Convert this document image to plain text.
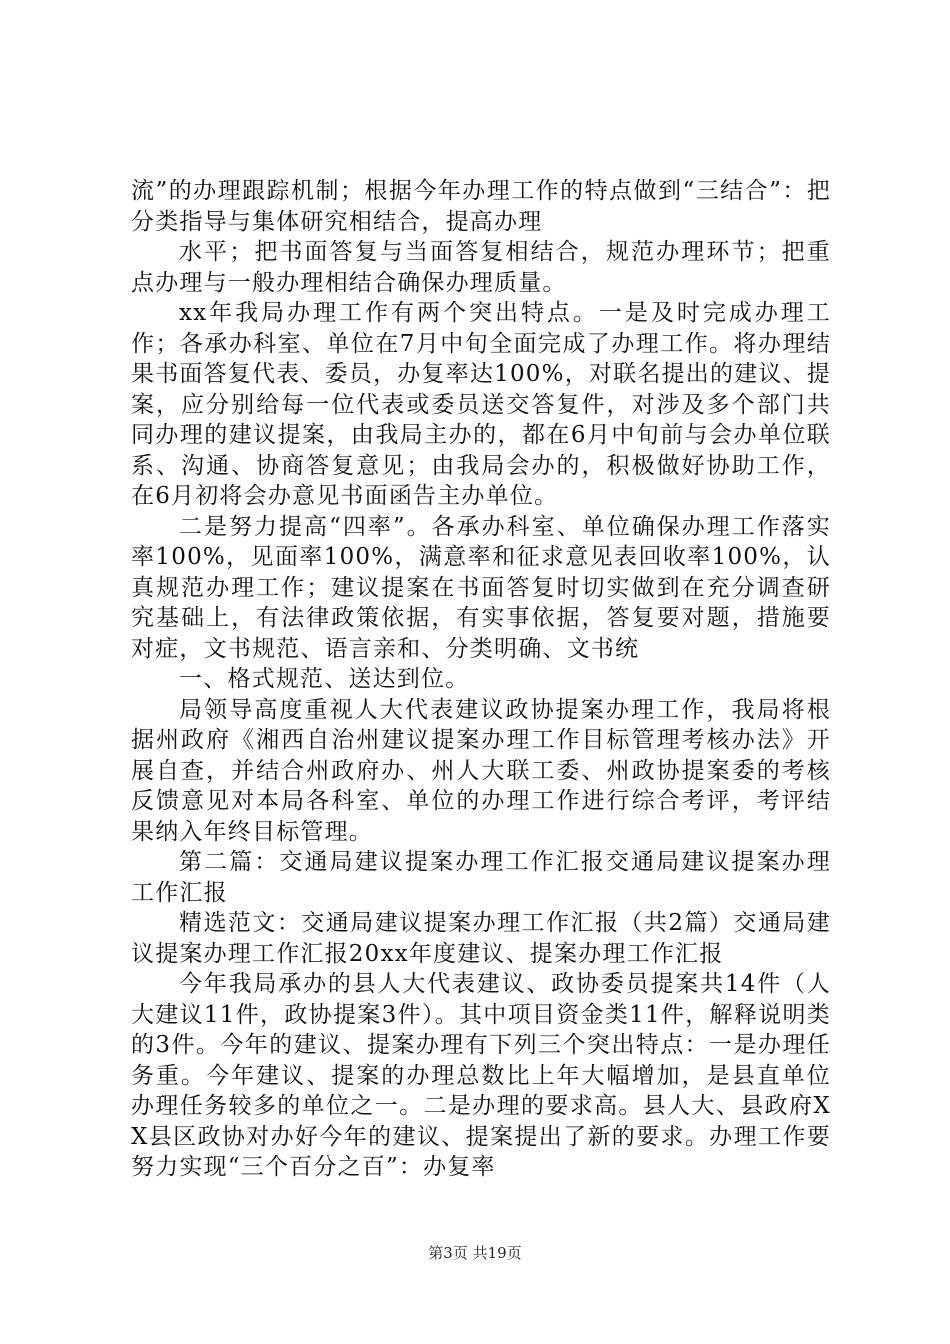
流”的办理跟踪机制；根据今年办理工作的特点做到“三结合”：把分类指导与集体研究相结合，提高办理

水平；把书面答复与当面答复相结合，规范办理环节；把重点办理与一般办理相结合确保办理质量。

xx年我局办理工作有两个突出特点。一是及时完成办理工作；各承办科室、单位在7月中旬全面完成了办理工作。将办理结果书面答复代表、委员，办复率达100%，对联名提出的建议、提案，应分别给每一位代表或委员送交答复件，对涉及多个部门共同办理的建议提案，由我局主办的，都在6月中旬前与会办单位联系、沟通、协商答复意见；由我局会办的，积极做好协助工作，在6月初将会办意见书面函告主办单位。

二是努力提高“四率”。各承办科室、单位确保办理工作落实率100%，见面率100%，满意率和征求意见表回收率100%，认真规范办理工作；建议提案在书面答复时切实做到在充分调查研究基础上，有法律政策依据，有实事依据，答复要对题，措施要对症，文书规范、语言亲和、分类明确、文书统

一、格式规范、送达到位。

局领导高度重视人大代表建议政协提案办理工作，我局将根据州政府《湘西自治州建议提案办理工作目标管理考核办法》开展自查，并结合州政府办、州人大联工委、州政协提案委的考核反馈意见对本局各科室、单位的办理工作进行综合考评，考评结果纳入年终目标管理。

第二篇：交通局建议提案办理工作汇报交通局建议提案办理工作汇报

精选范文：交通局建议提案办理工作汇报（共2篇）交通局建议提案办理工作汇报20xx年度建议、提案办理工作汇报

今年我局承办的县人大代表建议、政协委员提案共14件（人大建议11件，政协提案3件）。其中项目资金类11件，解释说明类的3件。今年的建议、提案办理有下列三个突出特点：一是办理任务重。今年建议、提案的办理总数比上年大幅增加，是县直单位办理任务较多的单位之一。二是办理的要求高。县人大、县政府XX县区政协对办好今年的建议、提案提出了新的要求。办理工作要努力实现“三个百分之百”：办复率

第3页 共19页
